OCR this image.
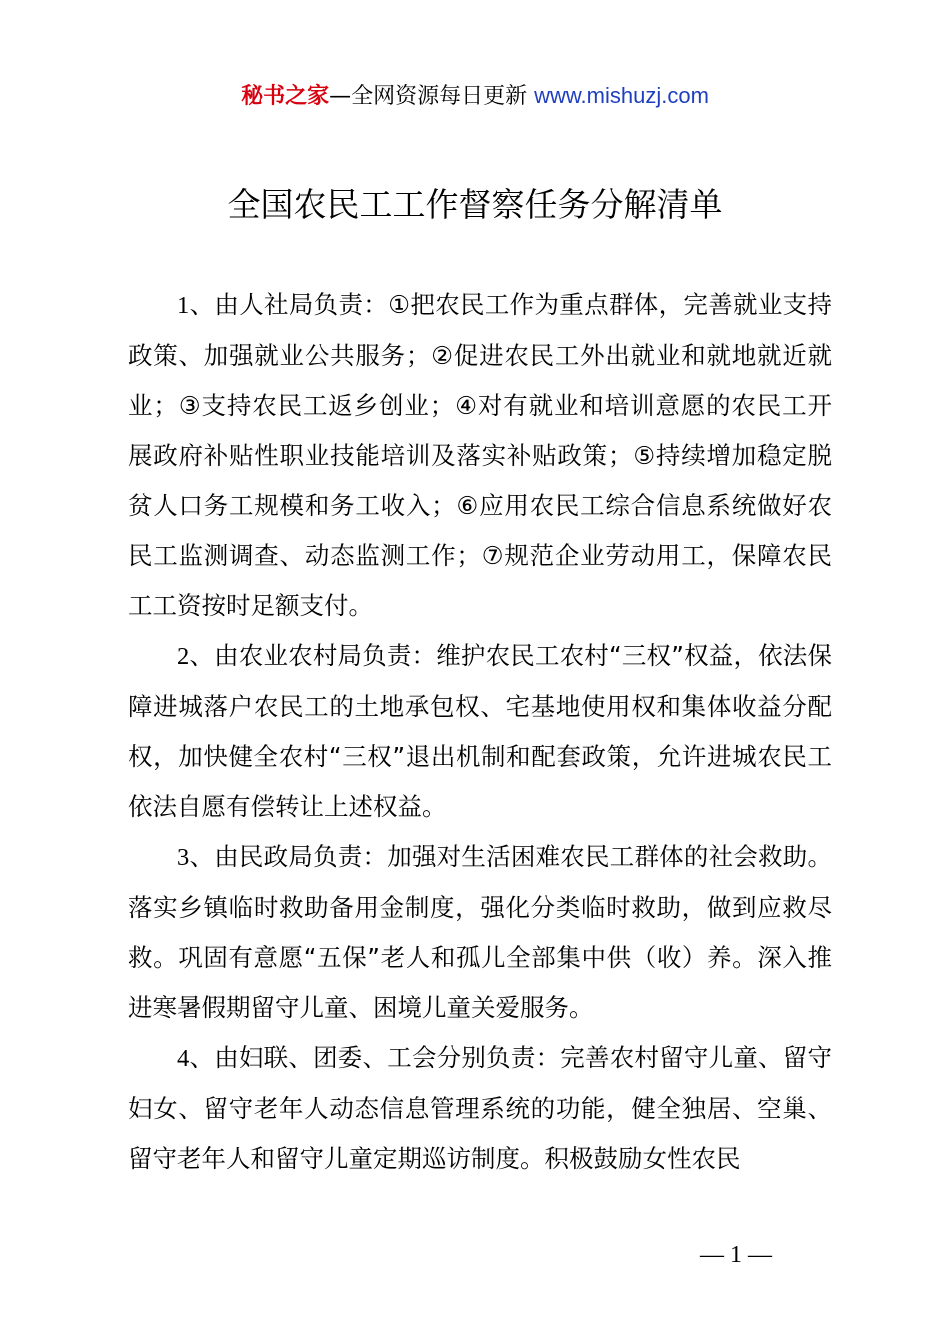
秘书之家—全网资源每日更新 www.mishuzj.com
全国农民工工作督察任务分解清单

1、由人社局负责：①把农民工作为重点群体，完善就业支持政策、加强就业公共服务；②促进农民工外出就业和就地就近就业；③支持农民工返乡创业；④对有就业和培训意愿的农民工开展政府补贴性职业技能培训及落实补贴政策；⑤持续增加稳定脱贫人口务工规模和务工收入；⑥应用农民工综合信息系统做好农民工监测调查、动态监测工作；⑦规范企业劳动用工，保障农民工工资按时足额支付。

2、由农业农村局负责：维护农民工农村“三权”权益，依法保障进城落户农民工的土地承包权、宅基地使用权和集体收益分配权，加快健全农村“三权”退出机制和配套政策，允许进城农民工依法自愿有偿转让上述权益。

3、由民政局负责：加强对生活困难农民工群体的社会救助。落实乡镇临时救助备用金制度，强化分类临时救助，做到应救尽救。巩固有意愿“五保”老人和孤儿全部集中供（收）养。深入推进寒暑假期留守儿童、困境儿童关爱服务。

4、由妇联、团委、工会分别负责：完善农村留守儿童、留守妇女、留守老年人动态信息管理系统的功能，健全独居、空巢、留守老年人和留守儿童定期巡访制度。积极鼓励女性农民

— 1 —
